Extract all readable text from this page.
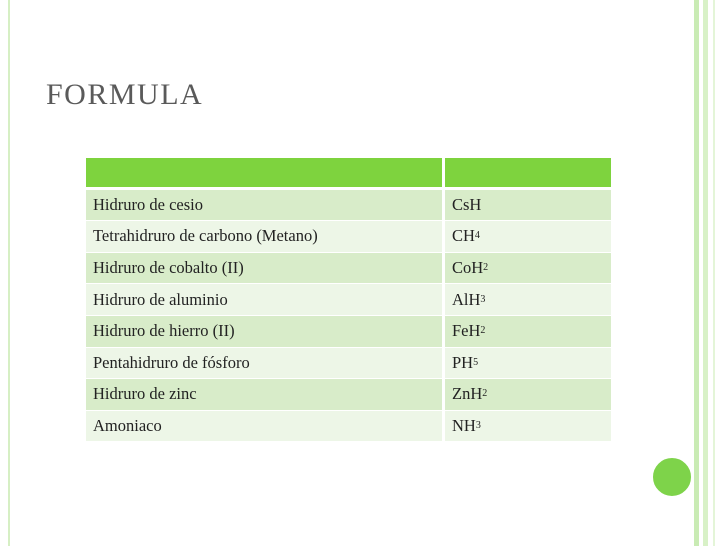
FORMULA
Hidruro de cesio	CsH
Tetrahidruro de carbono (Metano)	CH 4
Hidruro de cobalto (II)	CoH 2
Hidruro de aluminio	AlH 3
Hidruro de hierro (II)	FeH 2
Pentahidruro de fósforo	PH 5
Hidruro de zinc	ZnH 2
Amoniaco	NH 3
